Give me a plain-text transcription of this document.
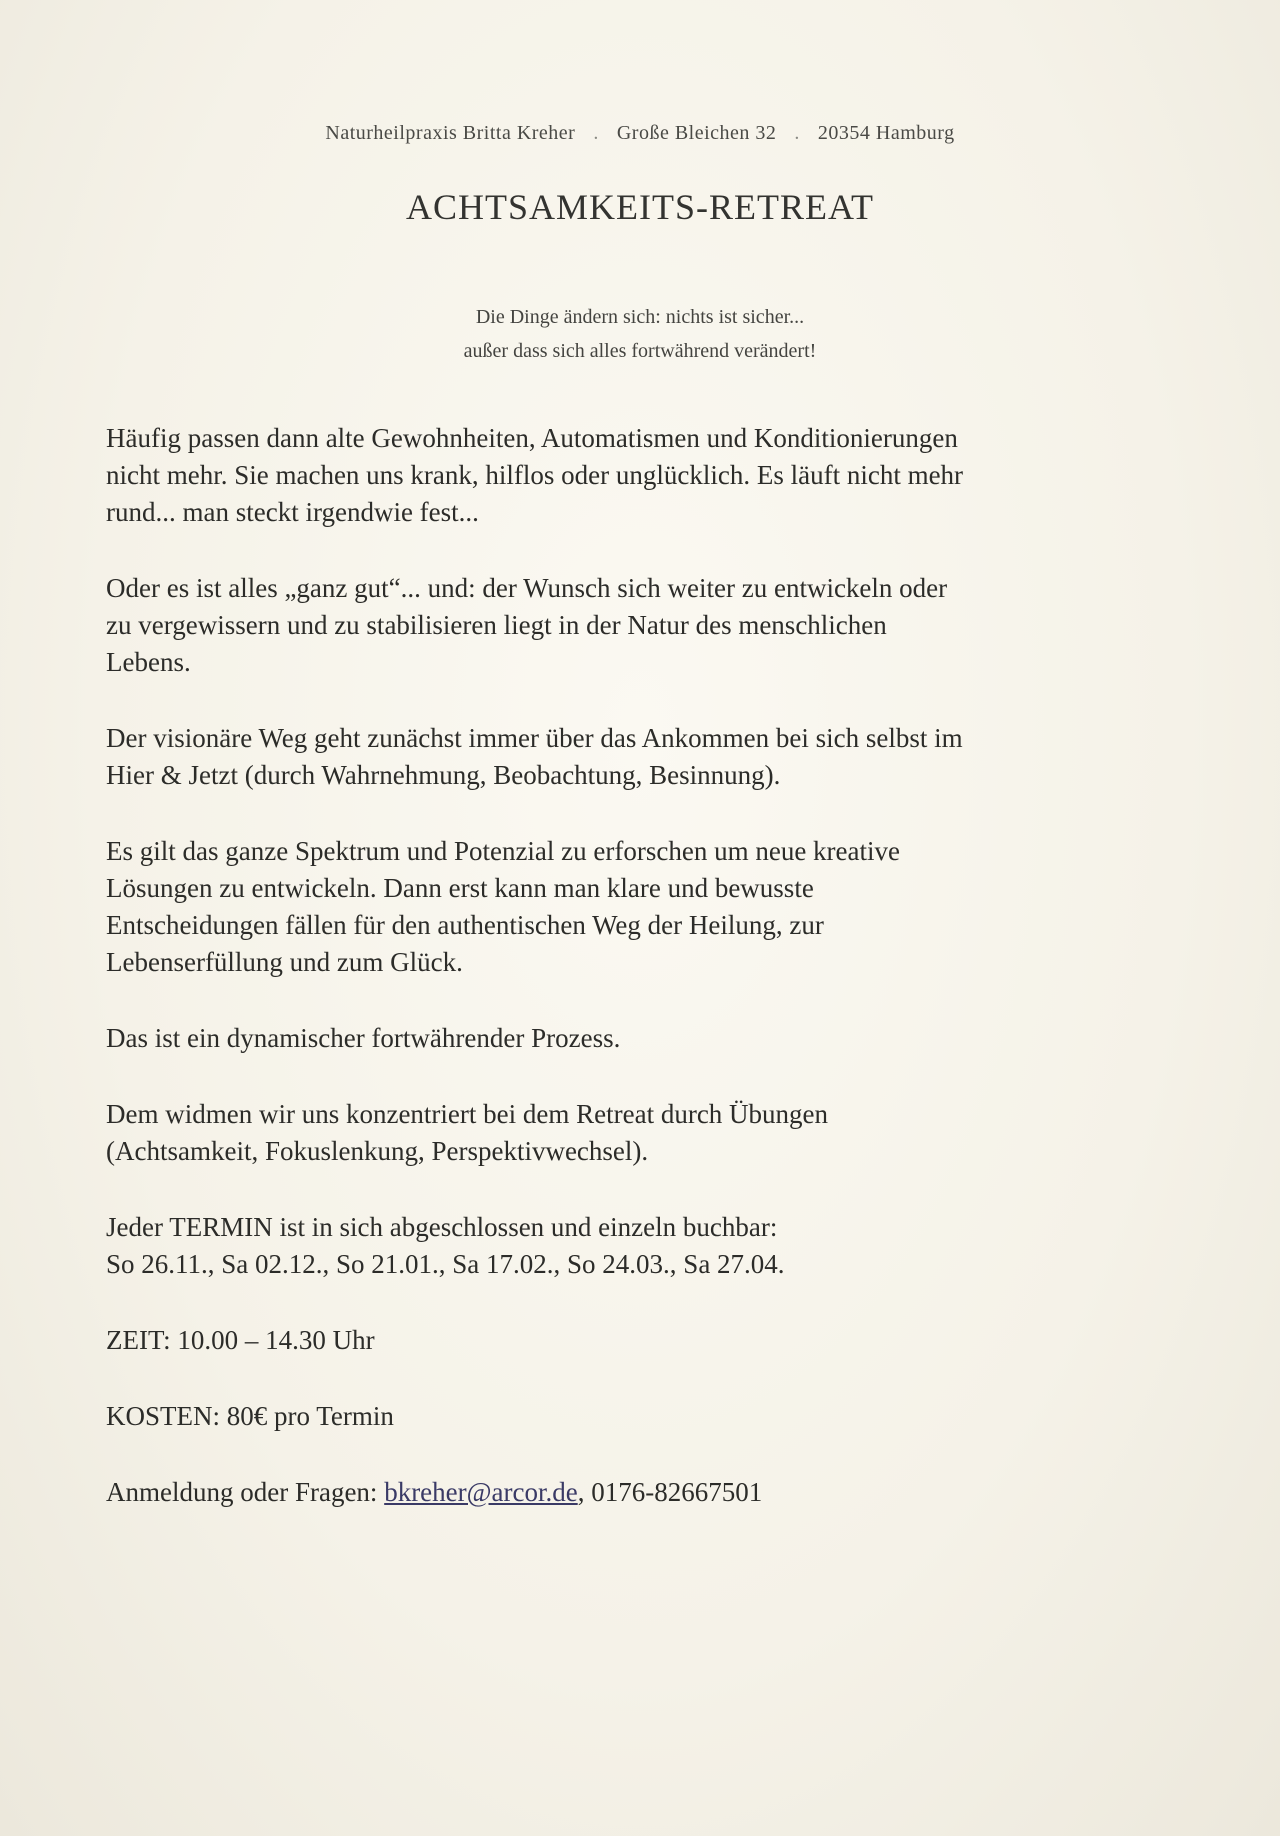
Naturheilpraxis Britta Kreher . Große Bleichen 32 . 20354 Hamburg
ACHTSAMKEITS-RETREAT
Die Dinge ändern sich: nichts ist sicher...
außer dass sich alles fortwährend verändert!

Häufig passen dann alte Gewohnheiten, Automatismen und Konditionierungen
nicht mehr. Sie machen uns krank, hilflos oder unglücklich. Es läuft nicht mehr
rund... man steckt irgendwie fest...

Oder es ist alles „ganz gut“... und: der Wunsch sich weiter zu entwickeln oder
zu vergewissern und zu stabilisieren liegt in der Natur des menschlichen
Lebens.

Der visionäre Weg geht zunächst immer über das Ankommen bei sich selbst im
Hier & Jetzt (durch Wahrnehmung, Beobachtung, Besinnung).

Es gilt das ganze Spektrum und Potenzial zu erforschen um neue kreative
Lösungen zu entwickeln. Dann erst kann man klare und bewusste
Entscheidungen fällen für den authentischen Weg der Heilung, zur
Lebenserfüllung und zum Glück.

Das ist ein dynamischer fortwährender Prozess.

Dem widmen wir uns konzentriert bei dem Retreat durch Übungen
(Achtsamkeit, Fokuslenkung, Perspektivwechsel).

Jeder TERMIN ist in sich abgeschlossen und einzeln buchbar:
So 26.11., Sa 02.12., So 21.01., Sa 17.02., So 24.03., Sa 27.04.

ZEIT: 10.00 – 14.30 Uhr

KOSTEN: 80€ pro Termin

Anmeldung oder Fragen: bkreher@arcor.de, 0176-82667501
